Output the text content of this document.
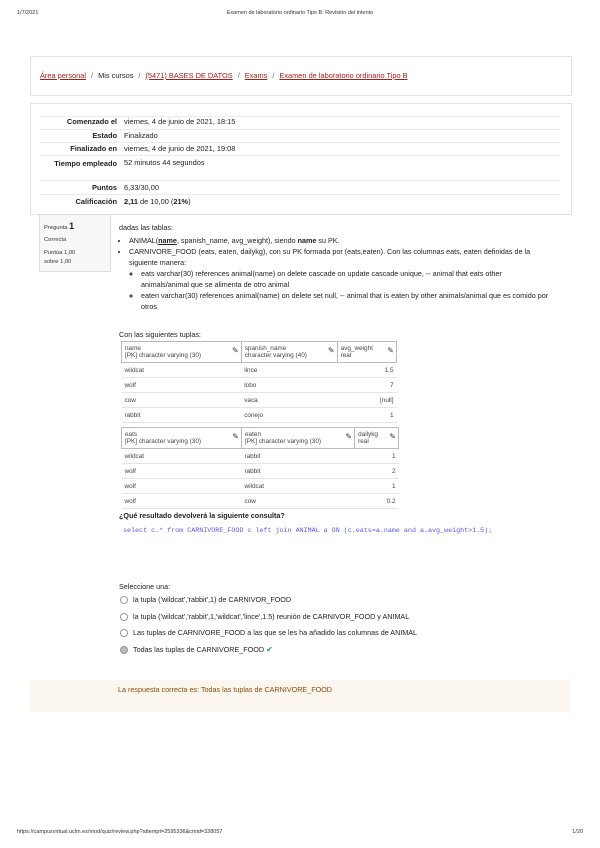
1/7/2021	Examen de laboratorio ordinario Tipo B: Revisión del intento
Área personal / Mis cursos / (5471) BASES DE DATOS / Exams / Examen de laboratorio ordinario Tipo B
Comenzado el viernes, 4 de junio de 2021, 18:15
Estado Finalizado
Finalizado en viernes, 4 de junio de 2021, 19:08
Tiempo empleado 52 minutos 44 segundos
Puntos 6,33/30,00
Calificación 2,11 de 10,00 (21%)
Pregunta 1
Correcta
Puntúa 1,00
sobre 1,00
dadas las tablas:
• ANIMAL(name, spanish_name, avg_weight), siendo name su PK.
• CARNIVORE_FOOD (eats, eaten, dailykg), con su PK formada por (eats,eaten). Con las columnas eats, eaten definidas de la siguiente manera:
◦ eats varchar(30) references animal(name) on delete cascade on update cascade unique, -- animal that eats other animals/animal que se alimenta de otro animal
◦ eaten varchar(30) references animal(name) on delete set null, -- animal that is eaten by other animals/animal que es comido por otros
Con las siguientes tuplas:
name
[PK] character varying (30)
✎	spanish_name
character varying (40)
✎	avg_weight
real
✎

wildcat	lince	1.5
wolf	lobo	7
cow	vaca	[null]
rabbit	conejo	1
eats
[PK] character varying (30)
✎	eaten
[PK] character varying (30)
✎	dailykg
real
✎

wildcat	rabbit	1
wolf	rabbit	2
wolf	wildcat	1
wolf	cow	0.2
¿Qué resultado devolverá la siguiente consulta?
select c.* from CARNIVORE_FOOD c left join ANIMAL a ON (c.eats=a.name and a.avg_weight>1.5);
Seleccione una:
la tupla ('wildcat','rabbit',1) de CARNIVOR_FOOD
la tupla ('wildcat','rabbit',1,'wildcat','lince',1.5) reunión de CARNIVOR_FOOD y ANIMAL
Las tuplas de CARNIVORE_FOOD a las que se les ha añadido las columnas de ANIMAL
Todas las tuplas de CARNIVORE_FOOD ✔
La respuesta correcta es: Todas las tuplas de CARNIVORE_FOOD
https://campusvirtual.uclm.es/mod/quiz/review.php?attempt=2595336&cmid=338057	1/20
